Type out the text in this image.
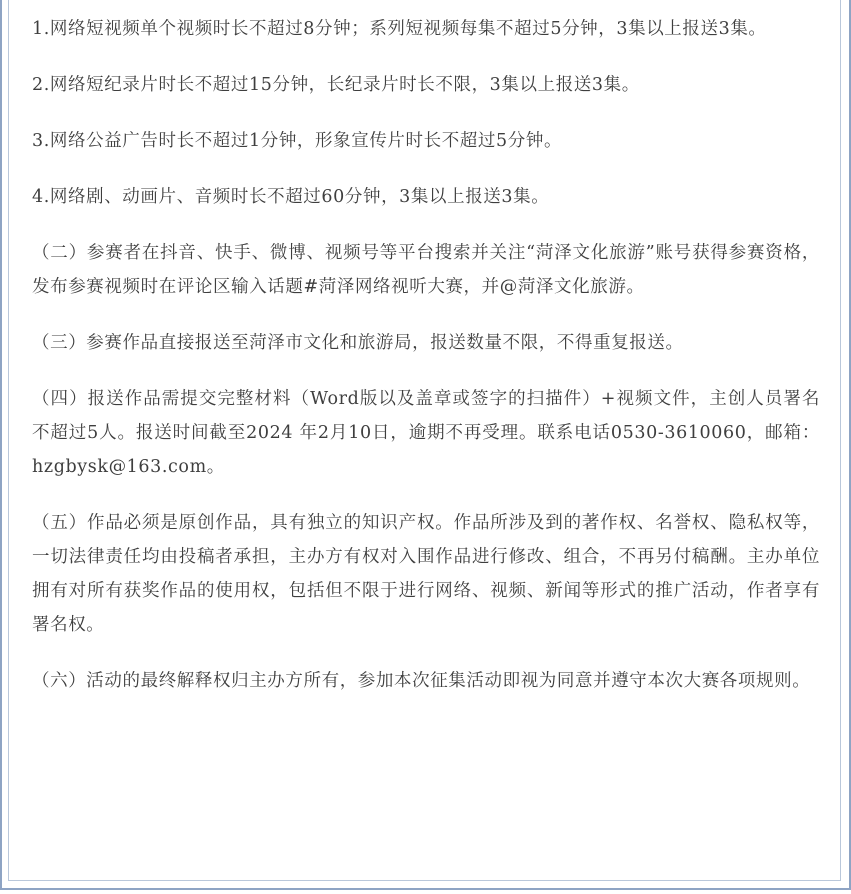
1.网络短视频单个视频时长不超过8分钟；系列短视频每集不超过5分钟，3集以上报送3集。

2.网络短纪录片时长不超过15分钟，长纪录片时长不限，3集以上报送3集。

3.网络公益广告时长不超过1分钟，形象宣传片时长不超过5分钟。

4.网络剧、动画片、音频时长不超过60分钟，3集以上报送3集。

（二）参赛者在抖音、快手、微博、视频号等平台搜索并关注“菏泽文化旅游”账号获得参赛资格，发布参赛视频时在评论区输入话题#菏泽网络视听大赛，并@菏泽文化旅游。

（三）参赛作品直接报送至菏泽市文化和旅游局，报送数量不限，不得重复报送。

（四）报送作品需提交完整材料（Word版以及盖章或签字的扫描件）+视频文件，主创人员署名不超过5人。报送时间截至2024 年2月10日，逾期不再受理。联系电话0530-3610060，邮箱：hzgbysk@163.com。

（五）作品必须是原创作品，具有独立的知识产权。作品所涉及到的著作权、名誉权、隐私权等，一切法律责任均由投稿者承担，主办方有权对入围作品进行修改、组合，不再另付稿酬。主办单位拥有对所有获奖作品的使用权，包括但不限于进行网络、视频、新闻等形式的推广活动，作者享有署名权。

（六）活动的最终解释权归主办方所有，参加本次征集活动即视为同意并遵守本次大赛各项规则。
